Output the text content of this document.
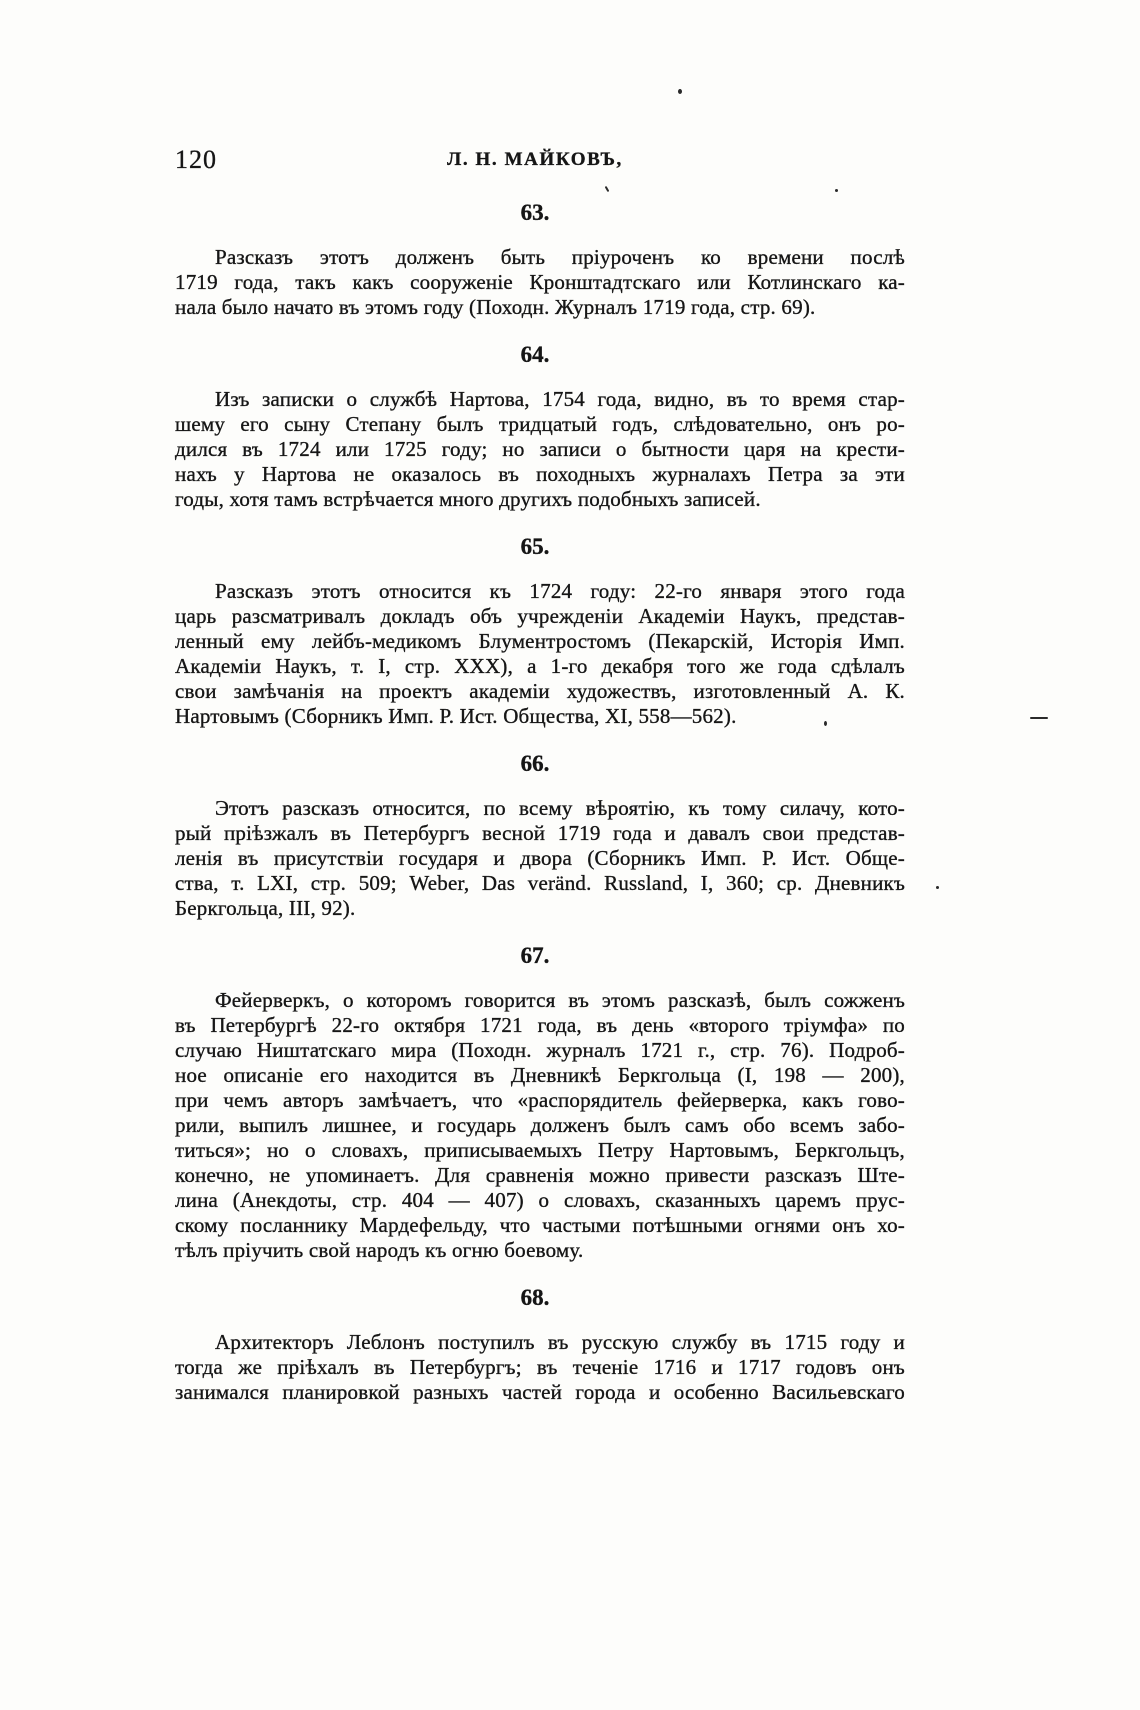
120	Л. Н. МАЙКОВЪ,
63.
Разсказъ этотъ долженъ быть пріуроченъ ко времени послѣ
1719 года, такъ какъ сооруженіе Кронштадтскаго или Котлинскаго ка-
нала было начато въ этомъ году (Походн. Журналъ 1719 года, стр. 69).
64.
Изъ записки о службѣ Нартова, 1754 года, видно, въ то время стар-
шему его сыну Степану былъ тридцатый годъ, слѣдовательно, онъ ро-
дился въ 1724 или 1725 году; но записи о бытности царя на крести-
нахъ у Нартова не оказалось въ походныхъ журналахъ Петра за эти
годы, хотя тамъ встрѣчается много другихъ подобныхъ записей.
65.
Разсказъ этотъ относится къ 1724 году: 22-го января этого года
царь разсматривалъ докладъ объ учрежденіи Академіи Наукъ, представ-
ленный ему лейбъ-медикомъ Блументростомъ (Пекарскій, Исторія Имп.
Академіи Наукъ, т. I, стр. XXX), а 1-го декабря того же года сдѣлалъ
свои замѣчанія на проектъ академіи художествъ, изготовленный А. К.
Нартовымъ (Сборникъ Имп. Р. Ист. Общества, XI, 558—562).
66.
Этотъ разсказъ относится, по всему вѣроятію, къ тому силачу, кото-
рый пріѣзжалъ въ Петербургъ весной 1719 года и давалъ свои представ-
ленія въ присутствіи государя и двора (Сборникъ Имп. Р. Ист. Обще-
ства, т. LXI, стр. 509; Weber, Das veränd. Russland, I, 360; ср. Дневникъ
Беркгольца, III, 92).
67.
Фейерверкъ, о которомъ говорится въ этомъ разсказѣ, былъ сожженъ
въ Петербургѣ 22-го октября 1721 года, въ день «второго тріумфа» по
случаю Ништатскаго мира (Походн. журналъ 1721 г., стр. 76). Подроб-
ное описаніе его находится въ Дневникѣ Беркгольца (I, 198 — 200),
при чемъ авторъ замѣчаетъ, что «распорядитель фейерверка, какъ гово-
рили, выпилъ лишнее, и государь долженъ былъ самъ обо всемъ забо-
титься»; но о словахъ, приписываемыхъ Петру Нартовымъ, Беркгольцъ,
конечно, не упоминаетъ. Для сравненія можно привести разсказъ Ште-
лина (Анекдоты, стр. 404 — 407) о словахъ, сказанныхъ царемъ прус-
скому посланнику Мардефельду, что частыми потѣшными огнями онъ хо-
тѣлъ пріучить свой народъ къ огню боевому.
68.
Архитекторъ Леблонъ поступилъ въ русскую службу въ 1715 году и
тогда же пріѣхалъ въ Петербургъ; въ теченіе 1716 и 1717 годовъ онъ
занимался планировкой разныхъ частей города и особенно Васильевскаго
